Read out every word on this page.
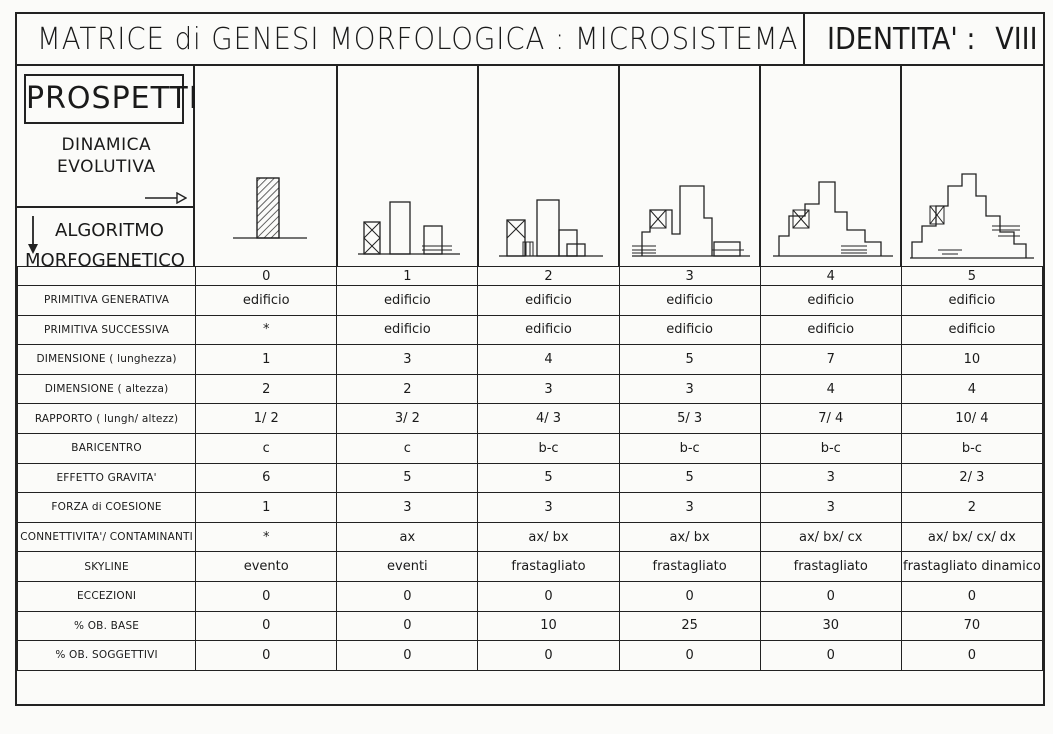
MATRICE di GENESI MORFOLOGICA : MICROSISTEMA IDENTITA' : VIII
PROSPETTI
DINAMICA
EVOLUTIVA
ALGORITMO
MORFOGENETICO
	0	1	2	3	4	5
PRIMITIVA GENERATIVA	edificio	edificio	edificio	edificio	edificio	edificio
PRIMITIVA SUCCESSIVA	*	edificio	edificio	edificio	edificio	edificio
DIMENSIONE ( lunghezza)	1	3	4	5	7	10
DIMENSIONE ( altezza)	2	2	3	3	4	4
RAPPORTO ( lungh/ altezz)	1/ 2	3/ 2	4/ 3	5/ 3	7/ 4	10/ 4
BARICENTRO	c	c	b-c	b-c	b-c	b-c
EFFETTO GRAVITA'	6	5	5	5	3	2/ 3
FORZA di COESIONE	1	3	3	3	3	2
CONNETTIVITA'/ CONTAMINANTI	*	ax	ax/ bx	ax/ bx	ax/ bx/ cx	ax/ bx/ cx/ dx
SKYLINE	evento	eventi	frastagliato	frastagliato	frastagliato	frastagliato dinamico
ECCEZIONI	0	0	0	0	0	0
% OB. BASE	0	0	10	25	30	70
% OB. SOGGETTIVI	0	0	0	0	0	0
